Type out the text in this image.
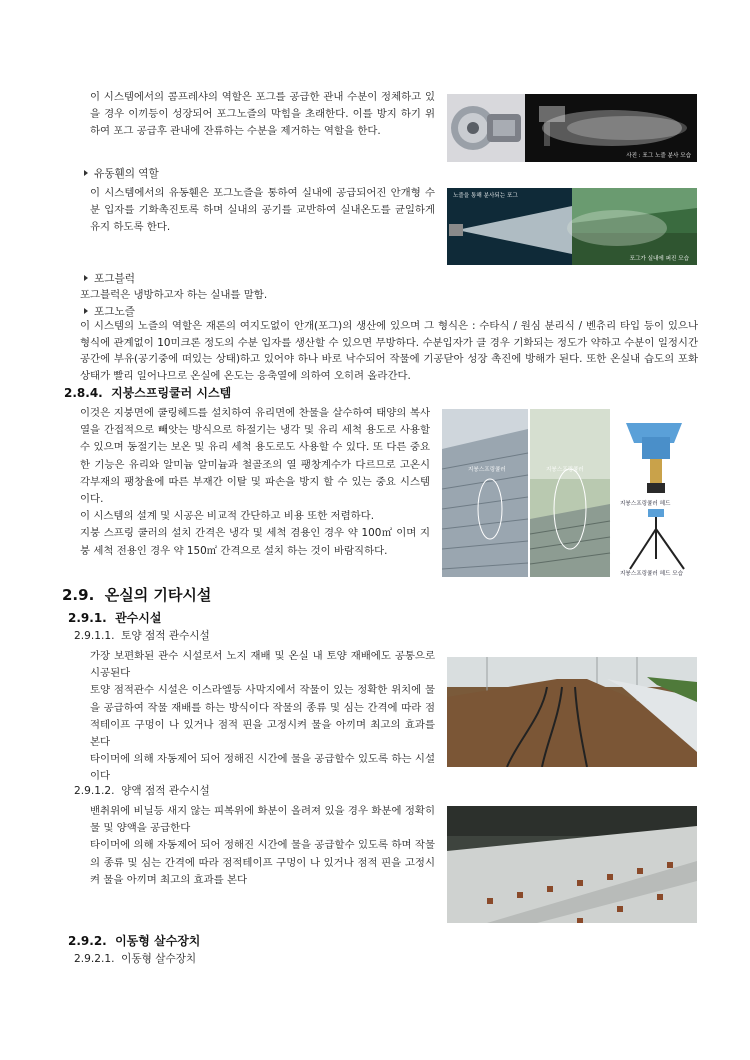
이 시스템에서의 콤프레샤의 역할은 포그를 공급한 관내 수분이 정체하고 있을 경우 이끼등이 성장되어 포그노즐의 막힘을 초래한다. 이를 방지 하기 위하여 포그 공급후 관내에 잔류하는 수분을 제거하는 역할을 한다.

사진 : 포그 노즐 분사 모습
유동휀의 역할

이 시스템에서의 유동휀은 포그노즐을 통하여 실내에 공급되어진 안개형 수분 입자를 기화촉진토록 하며 실내의 공기를 교반하여 실내온도를 균일하게 유지 하도록 한다.

노즐을 통해 분사되는 포그
포그가 실내에 퍼진 모습
포그블럭
포그블럭은 냉방하고자 하는 실내를 말함.
포그노즐

이 시스템의 노즐의 역할은 재론의 여지도없이 안개(포그)의 생산에 있으며 그 형식은 : 수타식 / 원심 분리식 / 벤츄리 타입 등이 있으나 형식에 관계없이 10미크론 정도의 수분 입자를 생산할 수 있으면 무방하다. 수분입자가 클 경우 기화되는 정도가 약하고 수분이 일정시간 공간에 부유(공기중에 떠있는 상태)하고 있어야 하나 바로 낙수되어 작물에 기공닫아 성장 촉진에 방해가 된다. 또한 온실내 습도의 포화상태가 빨리 일어나므로 온실에 온도는 응축열에 의하여 오히려 올라간다.

2.8.4.  지붕스프링쿨러 시스템

이것은 지붕면에 쿨링헤드를 설치하여 유리면에 찬물을 살수하여 태양의 복사열을 간접적으로 빼앗는 방식으로 하절기는 냉각 및 유리 세척 용도로 사용할 수 있으며 동절기는 보온 및 유리 세척 용도로도 사용할 수 있다. 또 다른 중요한 기능은 유리와 알미늄 알미늄과 철골조의 열 팽창계수가 다르므로 고온시 각부재의 팽창율에 따른 부재간 이탈 및 파손을 방지 할 수 있는 중요 시스템이다.

이 시스템의 설계 및 시공은 비교적 간단하고 비용 또한 저렴하다.

지붕 스프링 쿨러의 설치 간격은 냉각 및 세척 겸용인 경우 약 100㎡ 이며 지붕 세척 전용인 경우 약 150㎡ 간격으로 설치 하는 것이 바람직하다.

지붕스프링쿨러	지붕스프링쿨러
지붕스프링쿨러 헤드
지붕스프링쿨러 헤드 모습
2.9.  온실의 기타시설
2.9.1.  관수시설
2.9.1.1.  토양 점적 관수시설

가장 보편화된 관수 시설로서 노지 재배 및 온실 내 토양 재배에도 공통으로 시공된다

토양 점적관수 시설은 이스라엘등 사막지에서 작물이 있는 정확한 위치에 물을 공급하여 작물 재배를 하는 방식이다 작물의 종류 및 심는 간격에 따라 점적테이프 구멍이 나 있거나 점적 핀을 고정시켜 물을 아끼며 최고의 효과를 본다

타이머에 의해 자동제어 되어 정해진 시간에 물을 공급할수 있도록 하는 시설이다

2.9.1.2.  양액 점적 관수시설

밴취위에 비닐등 새지 않는 피복위에 화분이 올려져 있을 경우 화분에 정확히 물 및 양액을 공급한다

타이머에 의해 자동제어 되어 정해진 시간에 물을 공급할수 있도록 하며 작물의 종류 및 심는 간격에 따라 점적테이프 구멍이 나 있거나 점적 핀을 고정시켜 물을 아끼며 최고의 효과를 본다

2.9.2.  이동형 살수장치
2.9.2.1.  이동형 살수장치
